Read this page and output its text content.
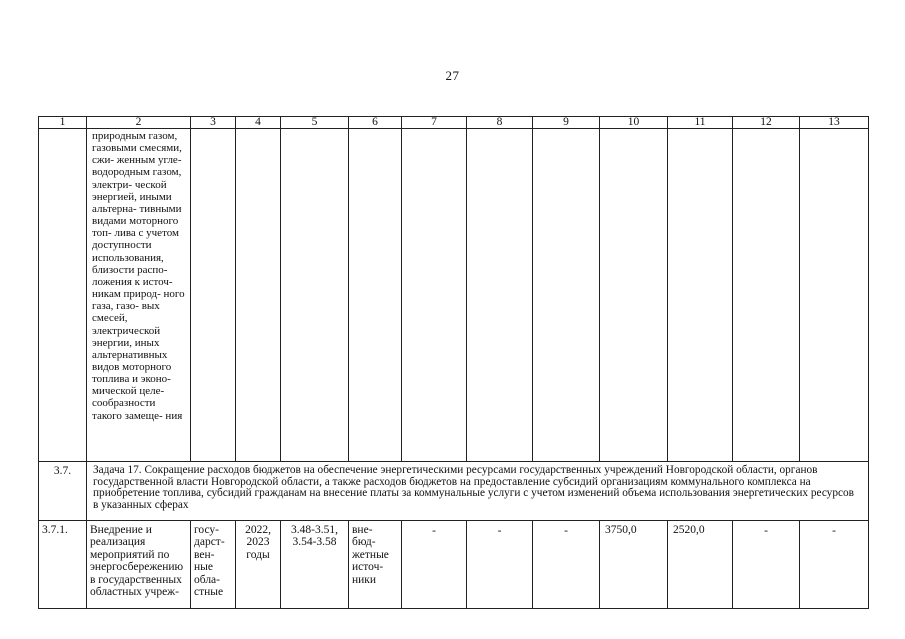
27
1	2	3	4	5	6	7	8	9	10	11	12	13
	природным газом, газовыми смесями, сжи- женным угле- водородным газом, электри- ческой энергией, иными альтерна- тивными видами моторного топ- лива с учетом доступности использования, близости распо- ложения к источ- никам природ- ного газа, газо- вых смесей, электрической энергии, иных альтернативных видов моторного топлива и эконо- мической целе- сообразности такого замеще- ния											
3.7.	Задача 17. Сокращение расходов бюджетов на обеспечение энергетическими ресурсами государственных учреждений Новгородской области, органов государственной власти Новгородской области, а также расходов бюджетов на предоставление субсидий организациям коммунального комплекса на приобретение топлива, субсидий гражданам на внесение платы за коммунальные услуги с учетом изменений объема использования энергетических ресурсов в указанных сферах											
3.7.1.	Внедрение и реализация мероприятий по энергосбережению в государственных областных учреж-	госу- дарст- вен- ные обла- стные	2022, 2023 годы	3.48-3.51, 3.54-3.58	вне- бюд- жетные источ- ники	-	-	-	3750,0	2520,0	-	-
